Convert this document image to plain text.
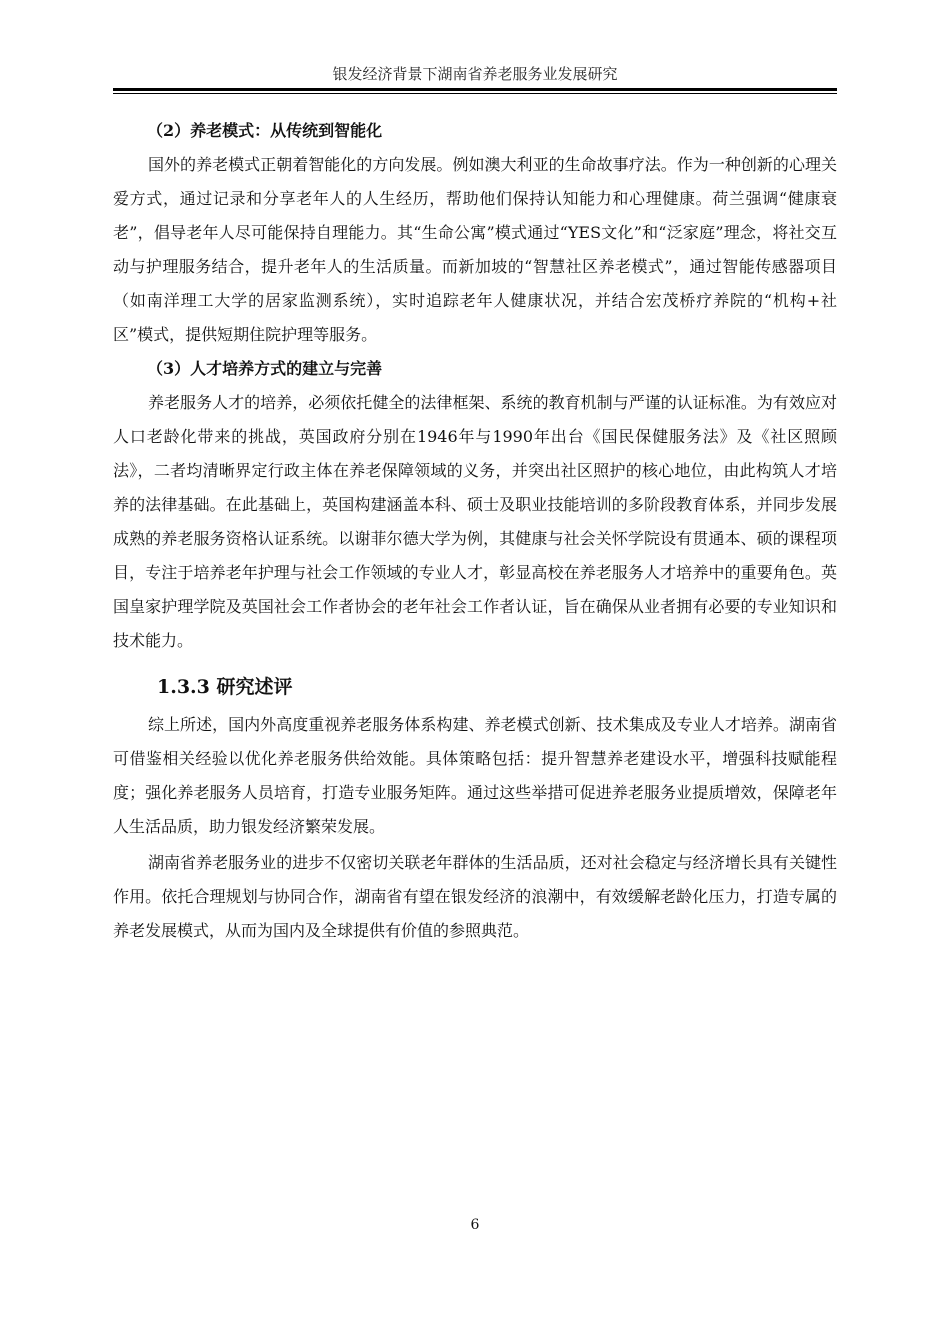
银发经济背景下湖南省养老服务业发展研究
（2）养老模式：从传统到智能化

国外的养老模式正朝着智能化的方向发展。例如澳大利亚的生命故事疗法。作为一种创新的心理关爱方式，通过记录和分享老年人的人生经历，帮助他们保持认知能力和心理健康。荷兰强调“健康衰老”，倡导老年人尽可能保持自理能力。其“生命公寓”模式通过“YES文化”和“泛家庭”理念，将社交互动与护理服务结合，提升老年人的生活质量。而新加坡的“智慧社区养老模式”，通过智能传感器项目（如南洋理工大学的居家监测系统），实时追踪老年人健康状况，并结合宏茂桥疗养院的“机构+社区”模式，提供短期住院护理等服务。

（3）人才培养方式的建立与完善

养老服务人才的培养，必须依托健全的法律框架、系统的教育机制与严谨的认证标准。为有效应对人口老龄化带来的挑战，英国政府分别在1946年与1990年出台《国民保健服务法》及《社区照顾法》，二者均清晰界定行政主体在养老保障领域的义务，并突出社区照护的核心地位，由此构筑人才培养的法律基础。在此基础上，英国构建涵盖本科、硕士及职业技能培训的多阶段教育体系，并同步发展成熟的养老服务资格认证系统。以谢菲尔德大学为例，其健康与社会关怀学院设有贯通本、硕的课程项目，专注于培养老年护理与社会工作领域的专业人才，彰显高校在养老服务人才培养中的重要角色。英国皇家护理学院及英国社会工作者协会的老年社会工作者认证，旨在确保从业者拥有必要的专业知识和技术能力。

1.3.3 研究述评

综上所述，国内外高度重视养老服务体系构建、养老模式创新、技术集成及专业人才培养。湖南省可借鉴相关经验以优化养老服务供给效能。具体策略包括：提升智慧养老建设水平，增强科技赋能程度；强化养老服务人员培育，打造专业服务矩阵。通过这些举措可促进养老服务业提质增效，保障老年人生活品质，助力银发经济繁荣发展。

湖南省养老服务业的进步不仅密切关联老年群体的生活品质，还对社会稳定与经济增长具有关键性作用。依托合理规划与协同合作，湖南省有望在银发经济的浪潮中，有效缓解老龄化压力，打造专属的养老发展模式，从而为国内及全球提供有价值的参照典范。

6
